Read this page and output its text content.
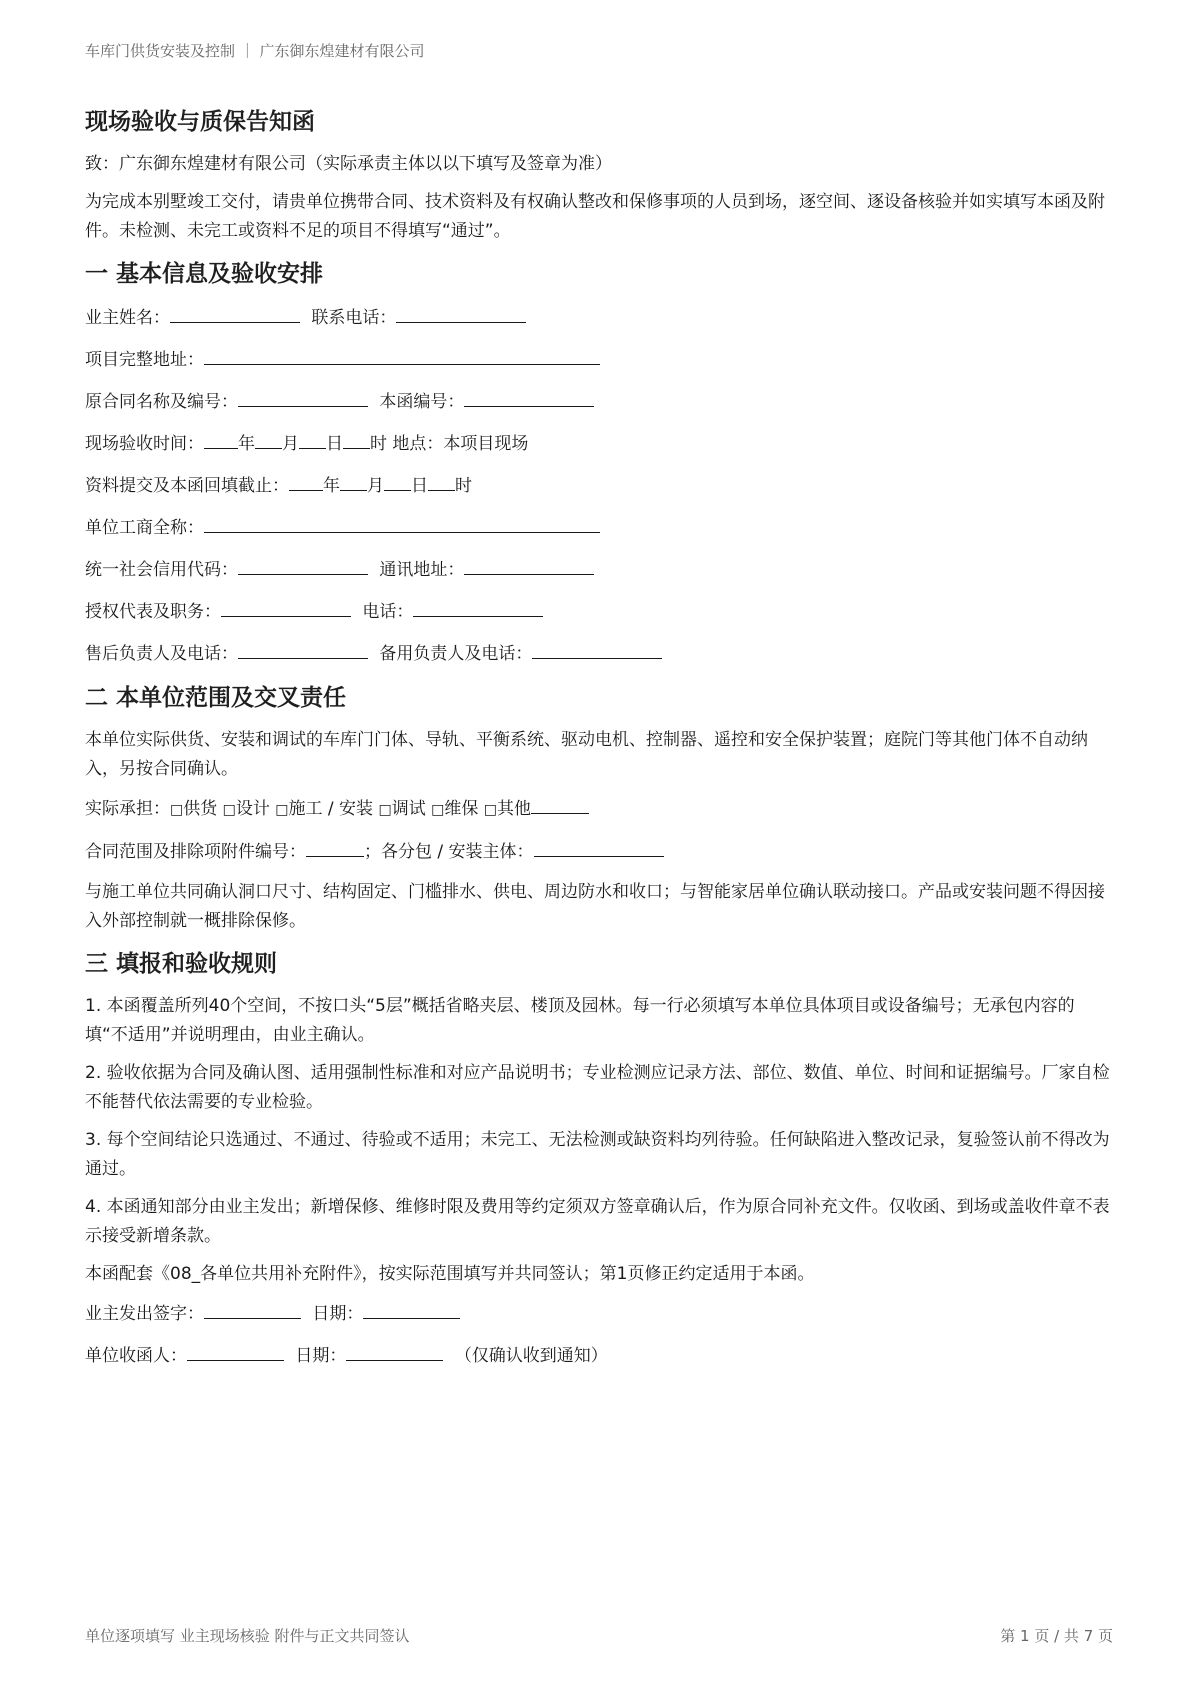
车库门供货安装及控制 ｜ 广东御东煌建材有限公司
现场验收与质保告知函

致：广东御东煌建材有限公司（实际承责主体以以下填写及签章为准）

为完成本别墅竣工交付，请贵单位携带合同、技术资料及有权确认整改和保修事项的人员到场，逐空间、逐设备核验并如实填写本函及附件。未检测、未完工或资料不足的项目不得填写“通过”。

一 基本信息及验收安排
业主姓名：	联系电话：
项目完整地址：
原合同名称及编号：	本函编号：
现场验收时间： 年 月 日 时 地点：本项目现场
资料提交及本函回填截止： 年 月 日 时
单位工商全称：
统一社会信用代码：	通讯地址：
授权代表及职务：	电话：
售后负责人及电话：	备用负责人及电话：
二 本单位范围及交叉责任

本单位实际供货、安装和调试的车库门门体、导轨、平衡系统、驱动电机、控制器、遥控和安全保护装置；庭院门等其他门体不自动纳入，另按合同确认。

实际承担：□供货 □设计 □施工 / 安装 □调试 □维保 □其他
合同范围及排除项附件编号：	；各分包 / 安装主体：

与施工单位共同确认洞口尺寸、结构固定、门槛排水、供电、周边防水和收口；与智能家居单位确认联动接口。产品或安装问题不得因接入外部控制就一概排除保修。

三 填报和验收规则

1. 本函覆盖所列40个空间，不按口头“5层”概括省略夹层、楼顶及园林。每一行必须填写本单位具体项目或设备编号；无承包内容的填“不适用”并说明理由，由业主确认。

2. 验收依据为合同及确认图、适用强制性标准和对应产品说明书；专业检测应记录方法、部位、数值、单位、时间和证据编号。厂家自检不能替代依法需要的专业检验。

3. 每个空间结论只选通过、不通过、待验或不适用；未完工、无法检测或缺资料均列待验。任何缺陷进入整改记录，复验签认前不得改为通过。

4. 本函通知部分由业主发出；新增保修、维修时限及费用等约定须双方签章确认后，作为原合同补充文件。仅收函、到场或盖收件章不表示接受新增条款。

本函配套《08_各单位共用补充附件》，按实际范围填写并共同签认；第1页修正约定适用于本函。

业主发出签字：	日期：
单位收函人：	日期：	（仅确认收到通知）
单位逐项填写 业主现场核验 附件与正文共同签认	第 1 页 / 共 7 页
